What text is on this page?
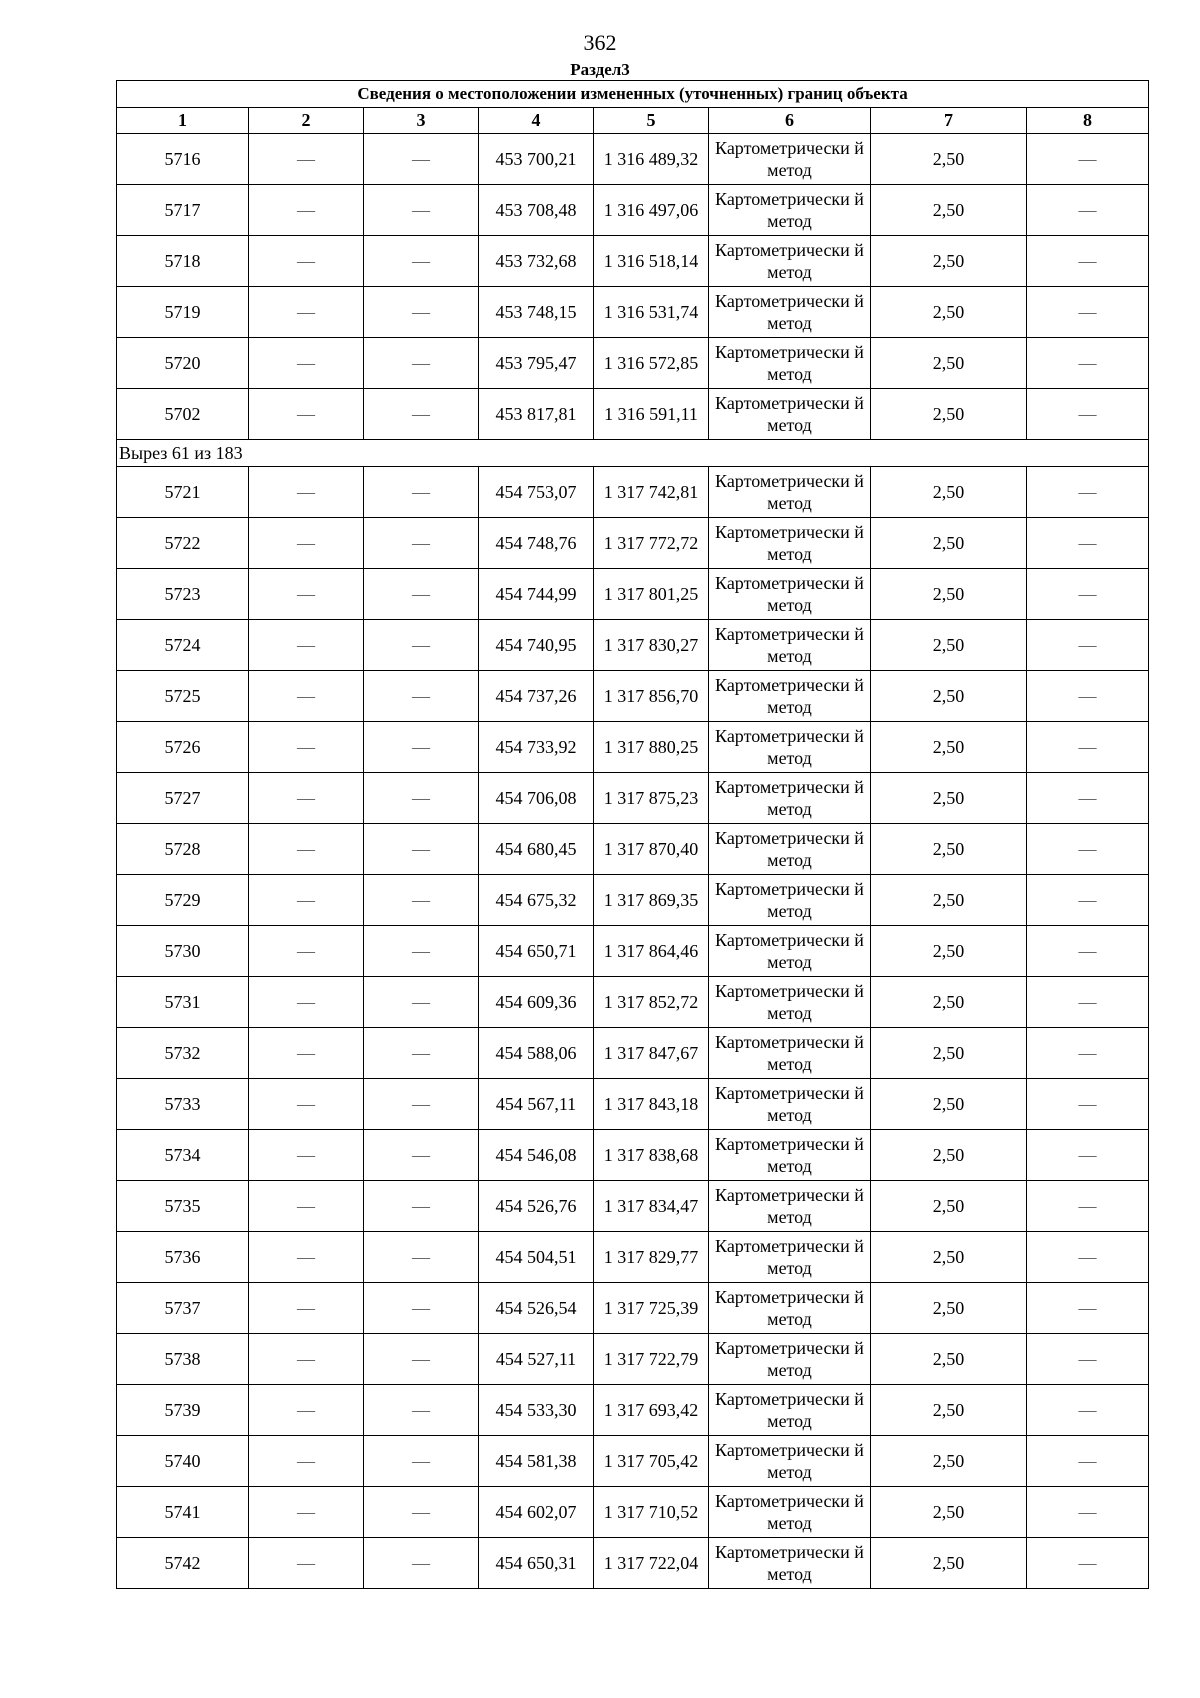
362
Раздел3
Сведения о местоположении измененных (уточненных) границ объекта							
1	2	3	4	5	6	7	8
5716	—	—	453 700,21	1 316 489,32	Картометрически й метод	2,50	—
5717	—	—	453 708,48	1 316 497,06	Картометрически й метод	2,50	—
5718	—	—	453 732,68	1 316 518,14	Картометрически й метод	2,50	—
5719	—	—	453 748,15	1 316 531,74	Картометрически й метод	2,50	—
5720	—	—	453 795,47	1 316 572,85	Картометрически й метод	2,50	—
5702	—	—	453 817,81	1 316 591,11	Картометрически й метод	2,50	—
Вырез 61 из 183							
5721	—	—	454 753,07	1 317 742,81	Картометрически й метод	2,50	—
5722	—	—	454 748,76	1 317 772,72	Картометрически й метод	2,50	—
5723	—	—	454 744,99	1 317 801,25	Картометрически й метод	2,50	—
5724	—	—	454 740,95	1 317 830,27	Картометрически й метод	2,50	—
5725	—	—	454 737,26	1 317 856,70	Картометрически й метод	2,50	—
5726	—	—	454 733,92	1 317 880,25	Картометрически й метод	2,50	—
5727	—	—	454 706,08	1 317 875,23	Картометрически й метод	2,50	—
5728	—	—	454 680,45	1 317 870,40	Картометрически й метод	2,50	—
5729	—	—	454 675,32	1 317 869,35	Картометрически й метод	2,50	—
5730	—	—	454 650,71	1 317 864,46	Картометрически й метод	2,50	—
5731	—	—	454 609,36	1 317 852,72	Картометрически й метод	2,50	—
5732	—	—	454 588,06	1 317 847,67	Картометрически й метод	2,50	—
5733	—	—	454 567,11	1 317 843,18	Картометрически й метод	2,50	—
5734	—	—	454 546,08	1 317 838,68	Картометрически й метод	2,50	—
5735	—	—	454 526,76	1 317 834,47	Картометрически й метод	2,50	—
5736	—	—	454 504,51	1 317 829,77	Картометрически й метод	2,50	—
5737	—	—	454 526,54	1 317 725,39	Картометрически й метод	2,50	—
5738	—	—	454 527,11	1 317 722,79	Картометрически й метод	2,50	—
5739	—	—	454 533,30	1 317 693,42	Картометрически й метод	2,50	—
5740	—	—	454 581,38	1 317 705,42	Картометрически й метод	2,50	—
5741	—	—	454 602,07	1 317 710,52	Картометрически й метод	2,50	—
5742	—	—	454 650,31	1 317 722,04	Картометрически й метод	2,50	—
